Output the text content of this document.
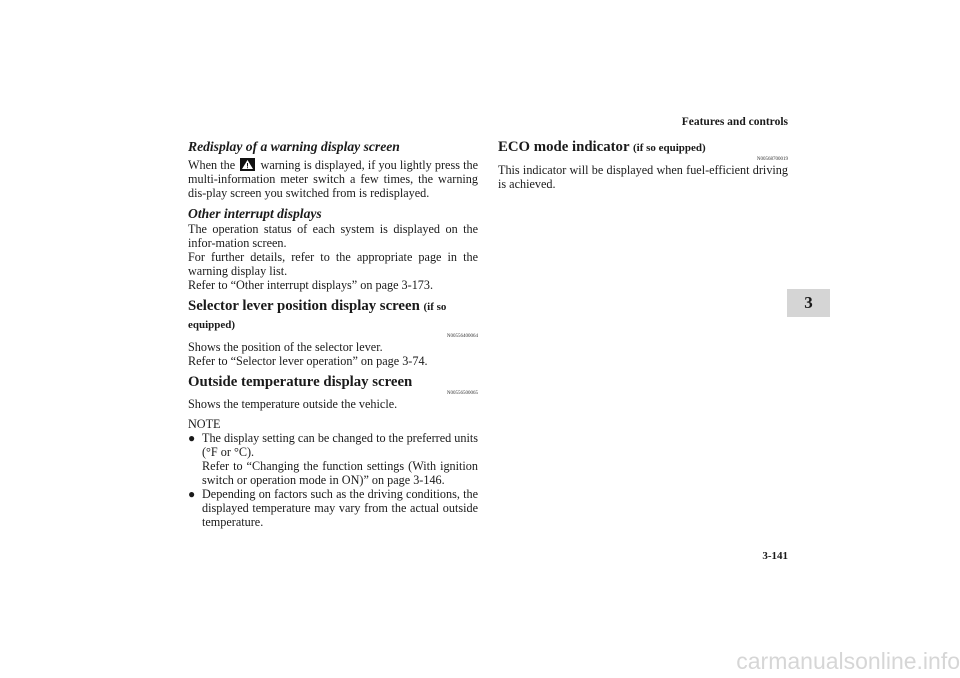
Features and controls
3
Redisplay of a warning display screen

When the warning is displayed, if you lightly press the multi-information meter switch a few times, the warning dis-play screen you switched from is redisplayed.

Other interrupt displays

The operation status of each system is displayed on the infor-mation screen.

For further details, refer to the appropriate page in the warning display list.

Refer to “Other interrupt displays” on page 3-173.

Selector lever position display screen (if so equipped)
N00556400064

Shows the position of the selector lever.

Refer to “Selector lever operation” on page 3-74.

Outside temperature display screen
N00556500065

Shows the temperature outside the vehicle.

NOTE
● The display setting can be changed to the preferred units (°F or °C).

Refer to “Changing the function settings (With ignition switch or operation mode in ON)” on page 3-146.

● Depending on factors such as the driving conditions, the displayed temperature may vary from the actual outside temperature.

ECO mode indicator (if so equipped)
N00568700019

This indicator will be displayed when fuel-efficient driving is achieved.

3-141
carmanualsonline.info
